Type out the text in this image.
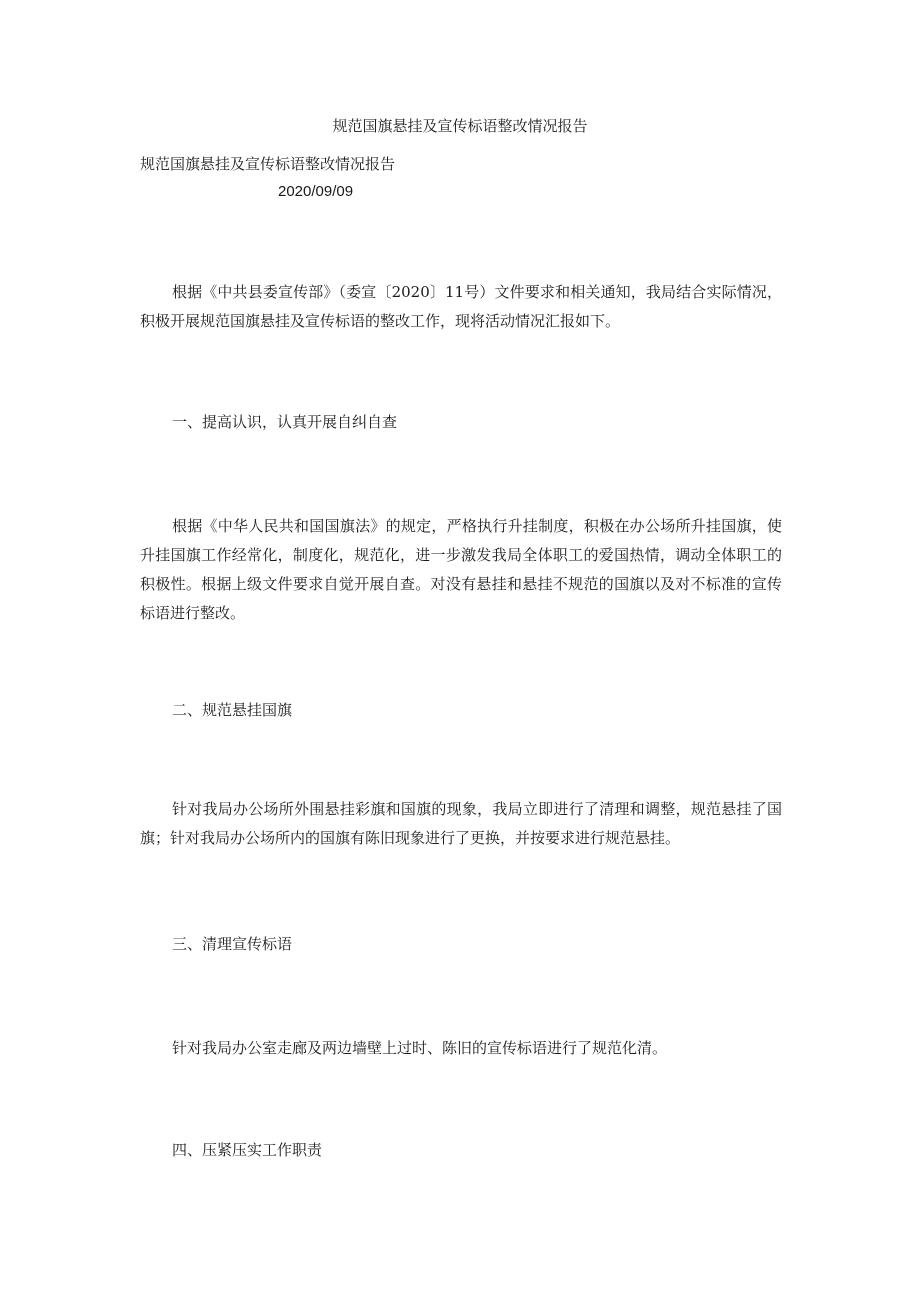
规范国旗悬挂及宣传标语整改情况报告

规范国旗悬挂及宣传标语整改情况报告

2020/09/09

根据《中共县委宣传部》（委宣〔2020〕11号）文件要求和相关通知，我局结合实际情况，积极开展规范国旗悬挂及宣传标语的整改工作，现将活动情况汇报如下。

一、提高认识，认真开展自纠自查

根据《中华人民共和国国旗法》的规定，严格执行升挂制度，积极在办公场所升挂国旗，使升挂国旗工作经常化，制度化，规范化，进一步激发我局全体职工的爱国热情，调动全体职工的积极性。根据上级文件要求自觉开展自查。对没有悬挂和悬挂不规范的国旗以及对不标准的宣传标语进行整改。

二、规范悬挂国旗

针对我局办公场所外围悬挂彩旗和国旗的现象，我局立即进行了清理和调整，规范悬挂了国旗；针对我局办公场所内的国旗有陈旧现象进行了更换，并按要求进行规范悬挂。

三、清理宣传标语

针对我局办公室走廊及两边墙壁上过时、陈旧的宣传标语进行了规范化清。

四、压紧压实工作职责
